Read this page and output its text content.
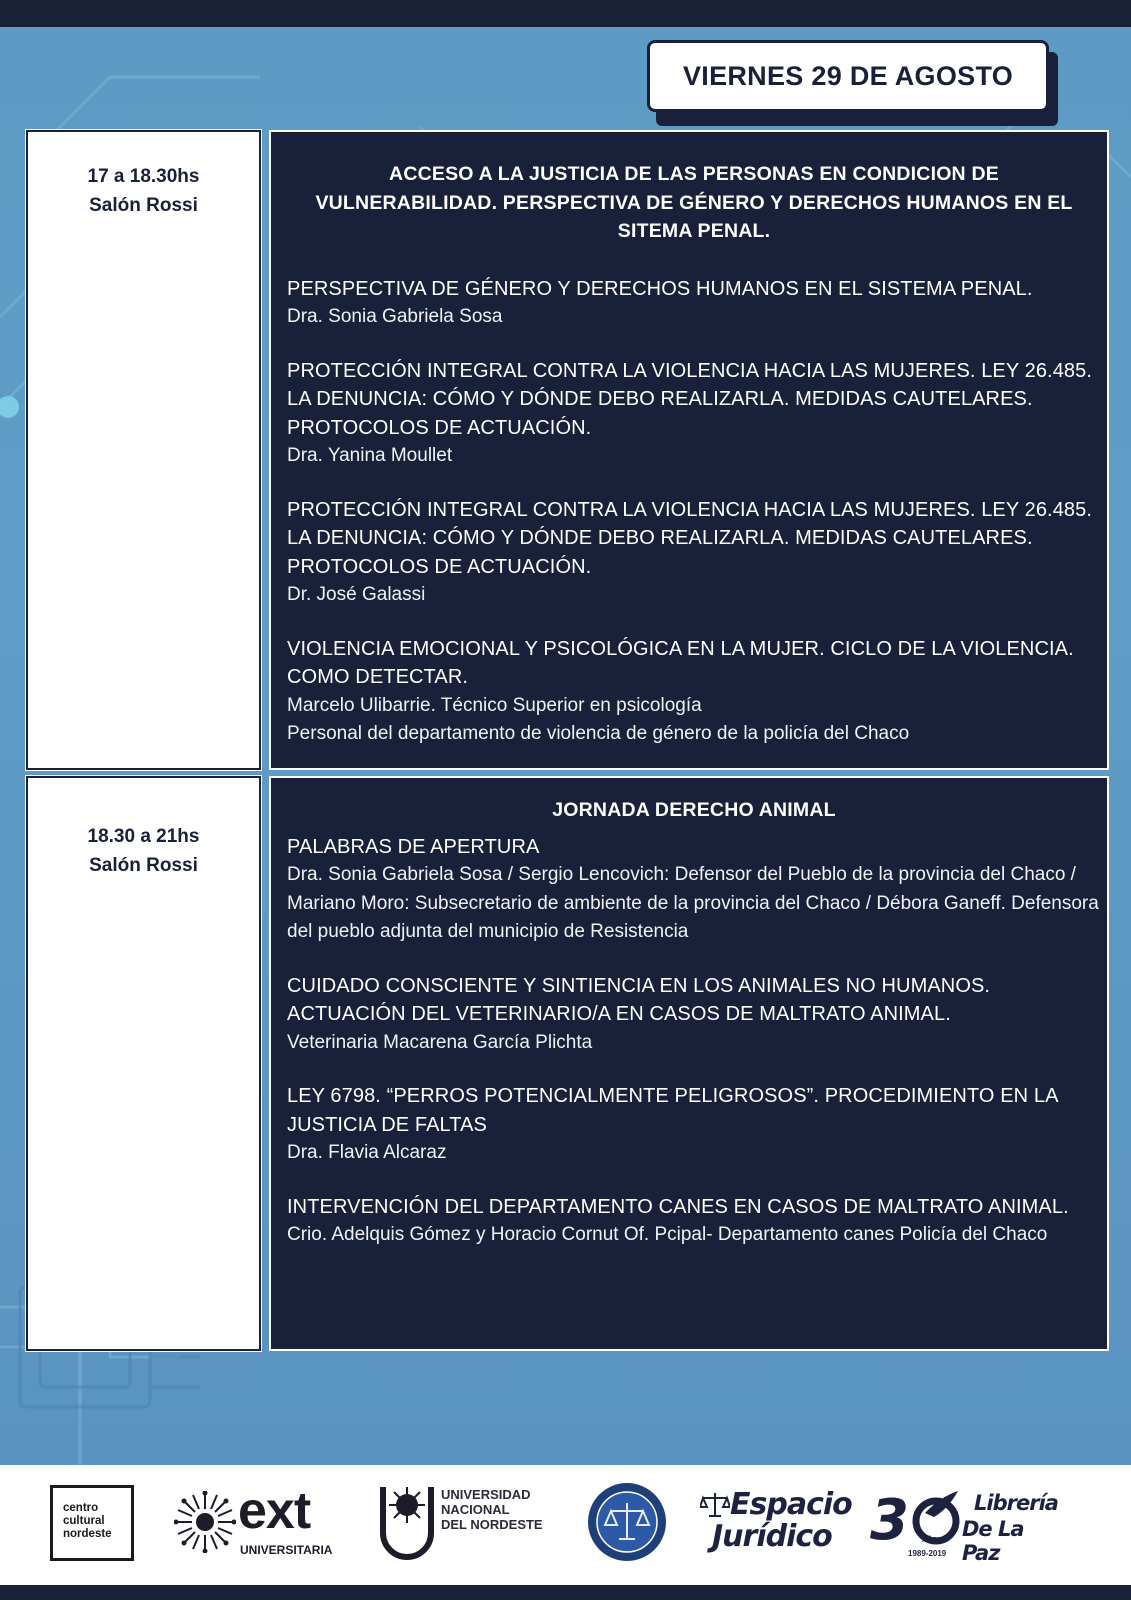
VIERNES 29 DE AGOSTO
17 a 18.30hs
Salón Rossi
ACCESO A LA JUSTICIA DE LAS PERSONAS EN CONDICION DE VULNERABILIDAD. PERSPECTIVA DE GÉNERO Y DERECHOS HUMANOS EN EL SITEMA PENAL.
PERSPECTIVA DE GÉNERO Y DERECHOS HUMANOS EN EL SISTEMA PENAL.
Dra. Sonia Gabriela Sosa
PROTECCIÓN INTEGRAL CONTRA LA VIOLENCIA HACIA LAS MUJERES. LEY 26.485. LA DENUNCIA: CÓMO Y DÓNDE DEBO REALIZARLA. MEDIDAS CAUTELARES. PROTOCOLOS DE ACTUACIÓN.
Dra. Yanina Moullet
PROTECCIÓN INTEGRAL CONTRA LA VIOLENCIA HACIA LAS MUJERES. LEY 26.485. LA DENUNCIA: CÓMO Y DÓNDE DEBO REALIZARLA. MEDIDAS CAUTELARES. PROTOCOLOS DE ACTUACIÓN.
Dr. José Galassi
VIOLENCIA EMOCIONAL Y PSICOLÓGICA EN LA MUJER. CICLO DE LA VIOLENCIA. COMO DETECTAR.
Marcelo Ulibarrie. Técnico Superior en psicología
Personal del departamento de violencia de género de la policía del Chaco
18.30 a 21hs
Salón Rossi
JORNADA DERECHO ANIMAL
PALABRAS DE APERTURA
Dra. Sonia Gabriela Sosa / Sergio Lencovich: Defensor del Pueblo de la provincia del Chaco / Mariano Moro: Subsecretario de ambiente de la provincia del Chaco / Débora Ganeff. Defensora del pueblo adjunta del municipio de Resistencia
CUIDADO CONSCIENTE Y SINTIENCIA EN LOS ANIMALES NO HUMANOS. ACTUACIÓN DEL VETERINARIO/A EN CASOS DE MALTRATO ANIMAL.
Veterinaria Macarena García Plichta
LEY 6798. “PERROS POTENCIALMENTE PELIGROSOS”. PROCEDIMIENTO EN LA JUSTICIA DE FALTAS
Dra. Flavia Alcaraz
INTERVENCIÓN DEL DEPARTAMENTO CANES EN CASOS DE MALTRATO ANIMAL.
Crio. Adelquis Gómez y Horacio Cornut Of. Pcipal- Departamento canes Policía del Chaco
centro
cultural
nordeste	ext
UNIVERSITARIA
UNIVERSIDAD
NACIONAL
DEL NORDESTE
Espacio
Jurídico 3
1989-2019
AÑOS
Librería
De La Paz
